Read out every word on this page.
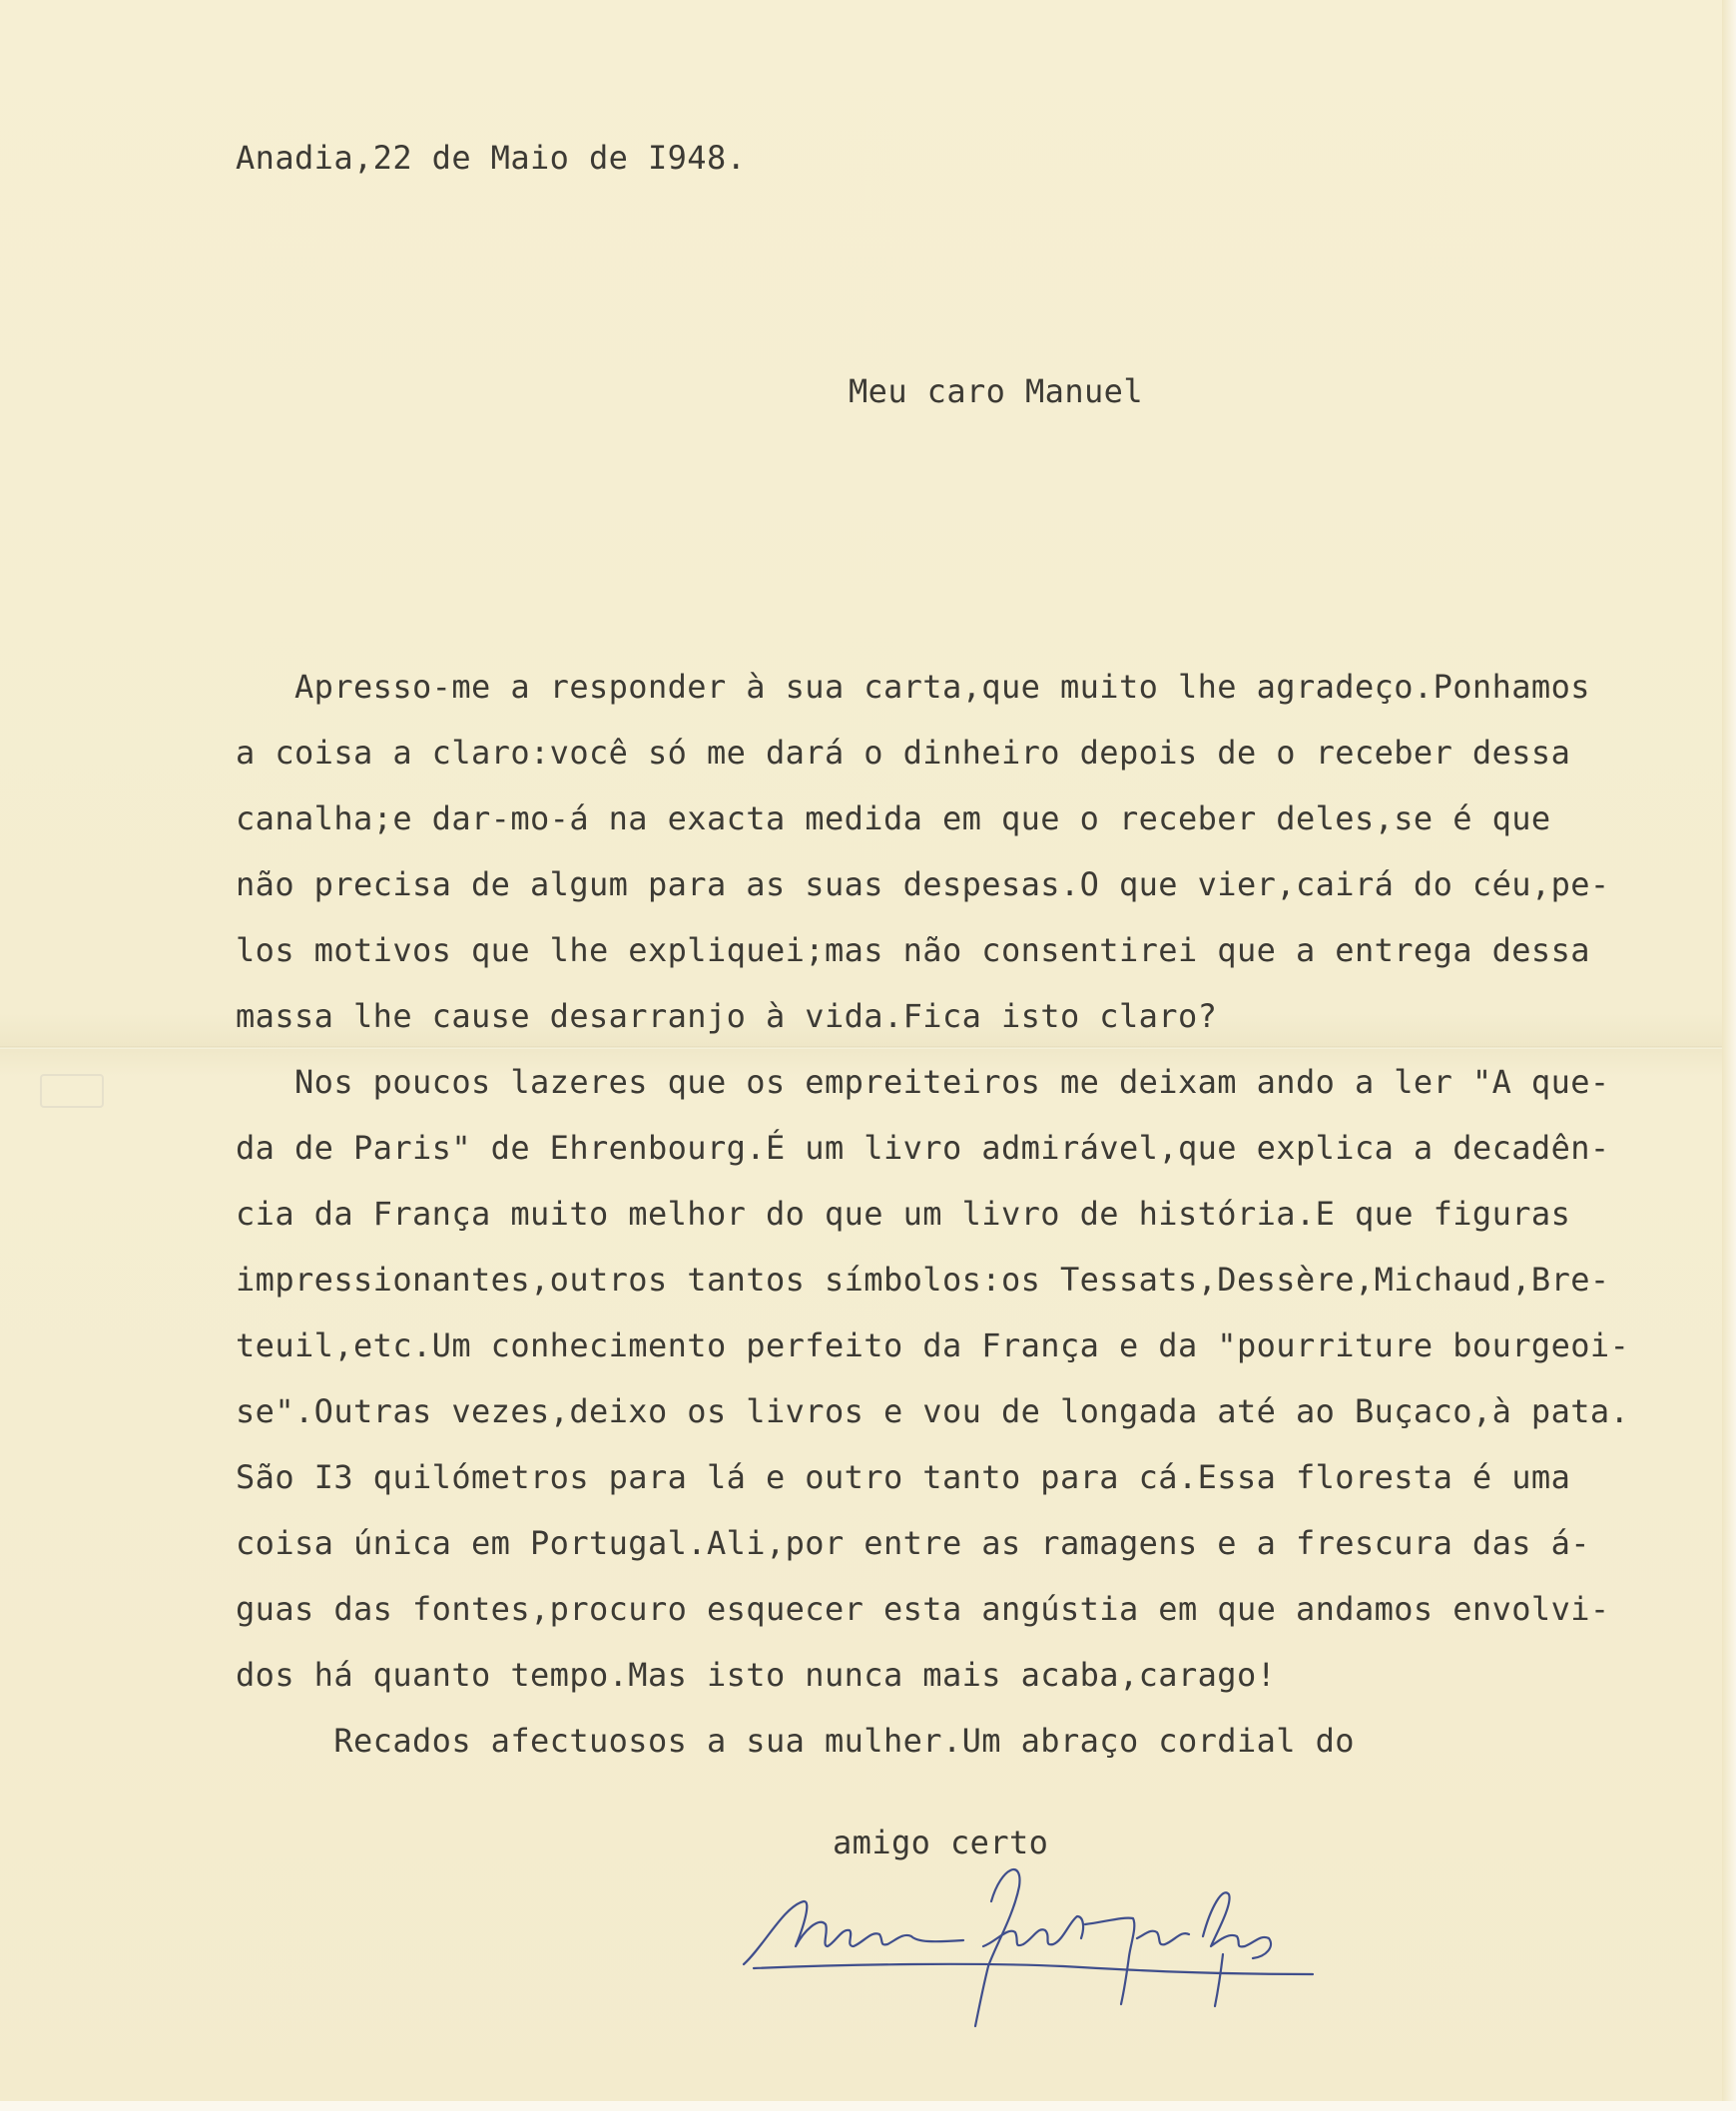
Anadia,22 de Maio de I948.
Meu caro Manuel
Apresso-me a responder à sua carta,que muito lhe agradeço.Ponhamos
a coisa a claro:você só me dará o dinheiro depois de o receber dessa
canalha;e dar-mo-á na exacta medida em que o receber deles,se é que
não precisa de algum para as suas despesas.O que vier,cairá do céu,pe-
los motivos que lhe expliquei;mas não consentirei que a entrega dessa
massa lhe cause desarranjo à vida.Fica isto claro?
Nos poucos lazeres que os empreiteiros me deixam ando a ler "A que-
da de Paris" de Ehrenbourg.É um livro admirável,que explica a decadên-
cia da França muito melhor do que um livro de história.E que figuras
impressionantes,outros tantos símbolos:os Tessats,Dessère,Michaud,Bre-
teuil,etc.Um conhecimento perfeito da França e da "pourriture bourgeoi-
se".Outras vezes,deixo os livros e vou de longada até ao Buçaco,à pata.
São I3 quilómetros para lá e outro tanto para cá.Essa floresta é uma
coisa única em Portugal.Ali,por entre as ramagens e a frescura das á-
guas das fontes,procuro esquecer esta angústia em que andamos envolvi-
dos há quanto tempo.Mas isto nunca mais acaba,carago!
Recados afectuosos a sua mulher.Um abraço cordial do
amigo certo
